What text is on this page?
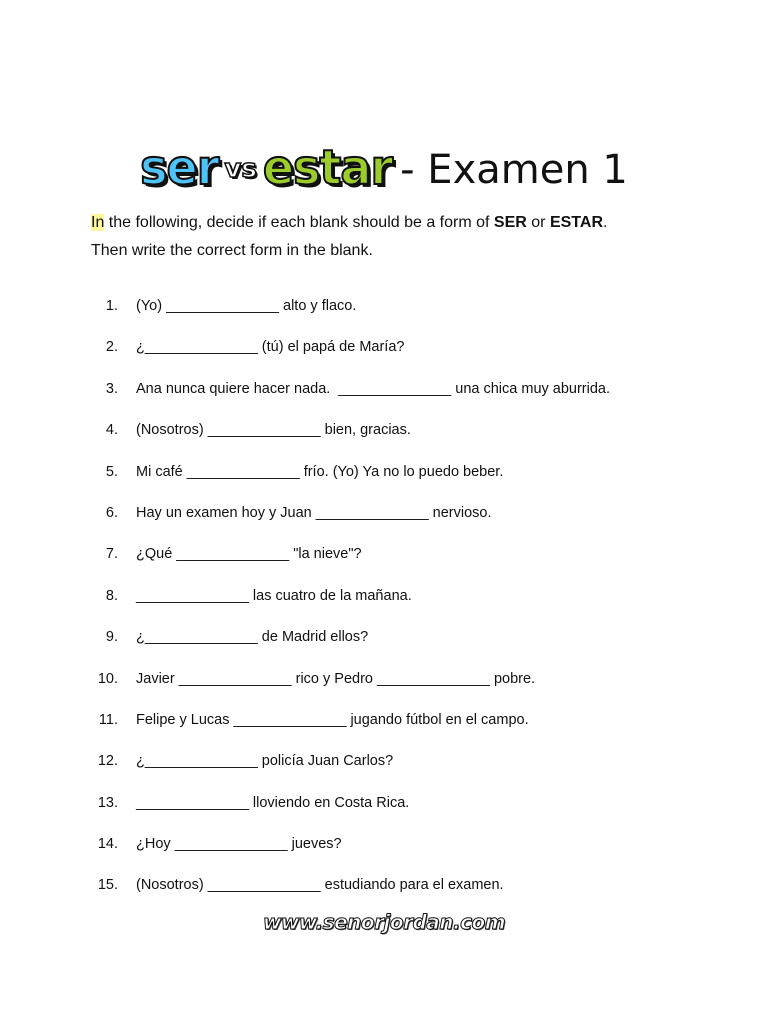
ser vs estar - Examen 1
In the following, decide if each blank should be a form of SER or ESTAR.
Then write the correct form in the blank.
1. (Yo) ______________ alto y flaco.
2. ¿______________ (tú) el papá de María?
3. Ana nunca quiere hacer nada.  ______________ una chica muy aburrida.
4. (Nosotros) ______________ bien, gracias.
5. Mi café ______________ frío. (Yo) Ya no lo puedo beber.
6. Hay un examen hoy y Juan ______________ nervioso.
7. ¿Qué ______________ "la nieve"?
8. ______________ las cuatro de la mañana.
9. ¿______________ de Madrid ellos?
10. Javier ______________ rico y Pedro ______________ pobre.
11. Felipe y Lucas ______________ jugando fútbol en el campo.
12. ¿______________ policía Juan Carlos?
13. ______________ lloviendo en Costa Rica.
14. ¿Hoy ______________ jueves?
15. (Nosotros) ______________ estudiando para el examen.
www.senorjordan.com
